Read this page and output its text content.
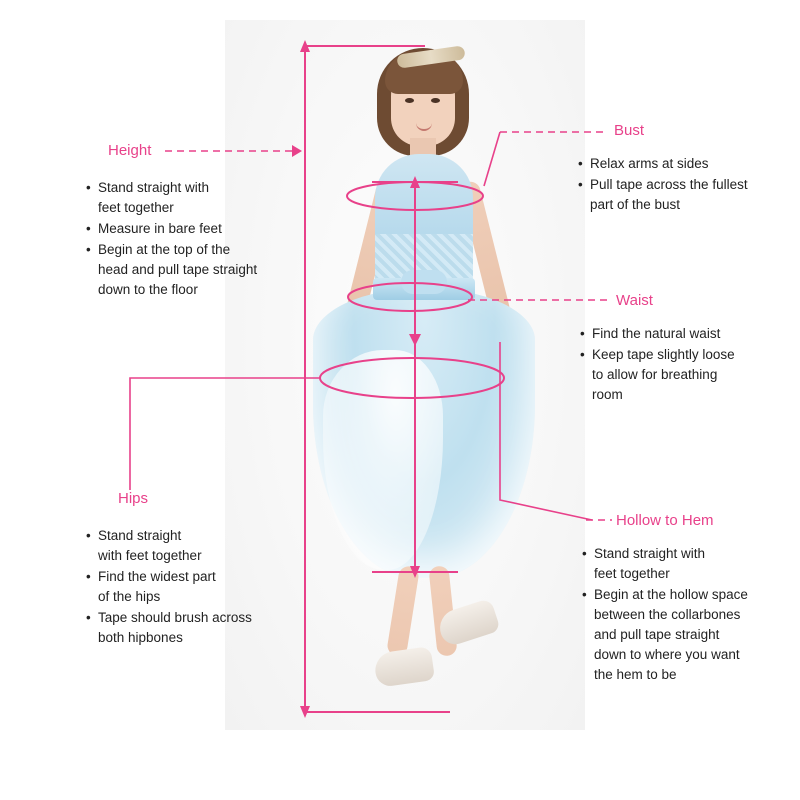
Height
• Stand straight with
feet together
• Measure in bare feet
• Begin at the top of the
head and pull tape straight
down to the floor
Bust
• Relax arms at sides
• Pull tape across the fullest
part of the bust
Waist
• Find the natural waist
• Keep tape slightly loose
to allow for breathing
room
Hips
• Stand straight
with feet together
• Find the widest part
of the hips
• Tape should brush across
both hipbones
Hollow to Hem
• Stand straight with
feet together
• Begin at the hollow space
between the collarbones
and pull tape straight
down to where you want
the hem to be
